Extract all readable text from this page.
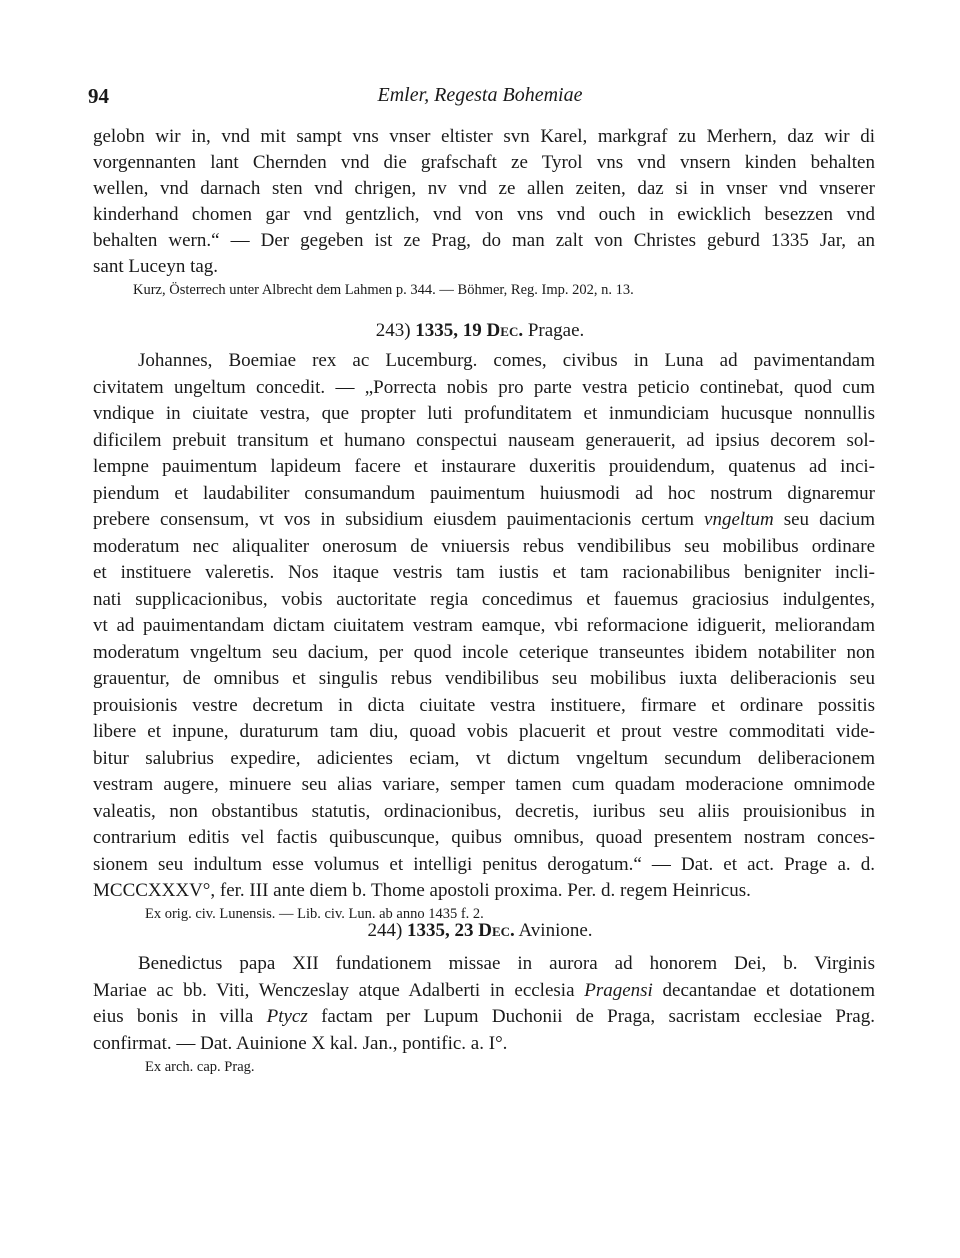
94	Emler, Regesta Bohemiae
gelobn wir in, vnd mit sampt vns vnser eltister svn Karel, markgraf zu Merhern, daz wir di
vorgennanten lant Chernden vnd die grafschaft ze Tyrol vns vnd vnsern kinden behalten
wellen, vnd darnach sten vnd chrigen, nv vnd ze allen zeiten, daz si in vnser vnd vnserer
kinderhand chomen gar vnd gentzlich, vnd von vns vnd ouch in ewicklich besezzen vnd
behalten wern.“ — Der gegeben ist ze Prag, do man zalt von Christes geburd 1335 Jar, an
sant Luceyn tag.
Kurz, Österrech unter Albrecht dem Lahmen p. 344. — Böhmer, Reg. Imp. 202, n. 13.
243) 1335, 19 Dec. Pragae.
Johannes, Boemiae rex ac Lucemburg. comes, civibus in Luna ad pavimentandam
civitatem ungeltum concedit. — „Porrecta nobis pro parte vestra peticio continebat, quod cum
vndique in ciuitate vestra, que propter luti profunditatem et inmundiciam hucusque nonnullis
dificilem prebuit transitum et humano conspectui nauseam generauerit, ad ipsius decorem sol-
lempne pauimentum lapideum facere et instaurare duxeritis prouidendum, quatenus ad inci-
piendum et laudabiliter consumandum pauimentum huiusmodi ad hoc nostrum dignaremur
prebere consensum, vt vos in subsidium eiusdem pauimentacionis certum vngeltum seu dacium
moderatum nec aliqualiter onerosum de vniuersis rebus vendibilibus seu mobilibus ordinare
et instituere valeretis. Nos itaque vestris tam iustis et tam racionabilibus benigniter incli-
nati supplicacionibus, vobis auctoritate regia concedimus et fauemus graciosius indulgentes,
vt ad pauimentandam dictam ciuitatem vestram eamque, vbi reformacione idiguerit, meliorandam
moderatum vngeltum seu dacium, per quod incole ceterique transeuntes ibidem notabiliter non
grauentur, de omnibus et singulis rebus vendibilibus seu mobilibus iuxta deliberacionis seu
prouisionis vestre decretum in dicta ciuitate vestra instituere, firmare et ordinare possitis
libere et inpune, duraturum tam diu, quoad vobis placuerit et prout vestre commoditati vide-
bitur salubrius expedire, adicientes eciam, vt dictum vngeltum secundum deliberacionem
vestram augere, minuere seu alias variare, semper tamen cum quadam moderacione omnimode
valeatis, non obstantibus statutis, ordinacionibus, decretis, iuribus seu aliis prouisionibus in
contrarium editis vel factis quibuscunque, quibus omnibus, quoad presentem nostram conces-
sionem seu indultum esse volumus et intelligi penitus derogatum.“ — Dat. et act. Prage a. d.
MCCCXXXV°, fer. III ante diem b. Thome apostoli proxima. Per. d. regem Heinricus.
Ex orig. civ. Lunensis. — Lib. civ. Lun. ab anno 1435 f. 2.
244) 1335, 23 Dec. Avinione.
Benedictus papa XII fundationem missae in aurora ad honorem Dei, b. Virginis
Mariae ac bb. Viti, Wenczeslay atque Adalberti in ecclesia Pragensi decantandae et dotationem
eius bonis in villa Ptycz factam per Lupum Duchonii de Praga, sacristam ecclesiae Prag.
confirmat. — Dat. Auinione X kal. Jan., pontific. a. I°.
Ex arch. cap. Prag.
